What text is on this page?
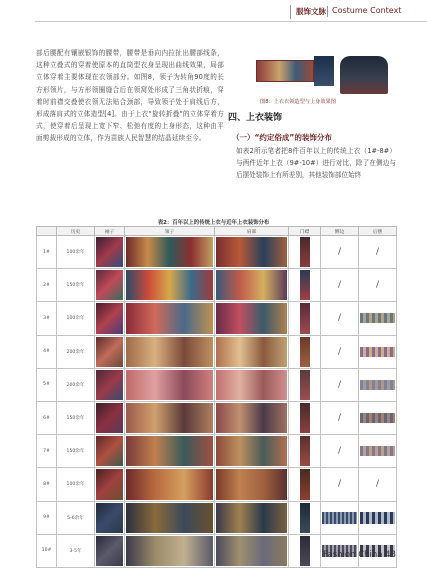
服饰文脉 Costume Context
部后腰配有镶嵌银饰的腰带，腰带是垂向内拉扯出腰部线条，这种立叠式的穿着使原本的直筒型衣身呈现出曲线效果，局部立体穿着主要体现在衣领部分。如图8，领子为转角90度的长方形领片，与方形领圈缝合后在领窝处形成了三角状折痕，穿着时前襟交叠使衣领无法贴合颈部，导致领子处于肩线后方，形成落肩式的立体造型[4]。由于上衣“旋转折叠”的立体穿着方式，使穿着后呈现上宽下窄、松弛有度的上身形态，这种由平面剪裁形成的立体，作为苗族人民智慧的结晶延续至今。
图8：上衣衣领造型与上身效果图
四、上衣装饰
（一）“约定俗成”的装饰分布
如表2所示笔者把8件百年以上的传统上衣（1#-8#）与两件近年上衣（9#-10#）进行对比，除了在侧边与后摆处装饰上有所差别，其他装饰部位始终
表2：百年以上的传统上衣与近年上衣装饰分布
	历史	袖子	领子	肩部	门襟	侧边	后摆
1#	100余年					/	/
2#	150余年					/	/
3#	100余年					/	

4#	200余年					/	

5#	200余年					/	

6#	150余年					/	

7#	150余年					/	

8#	100余年					/	/
9#	5-6余年	

10#	3-5年	

		Fashion China 43
